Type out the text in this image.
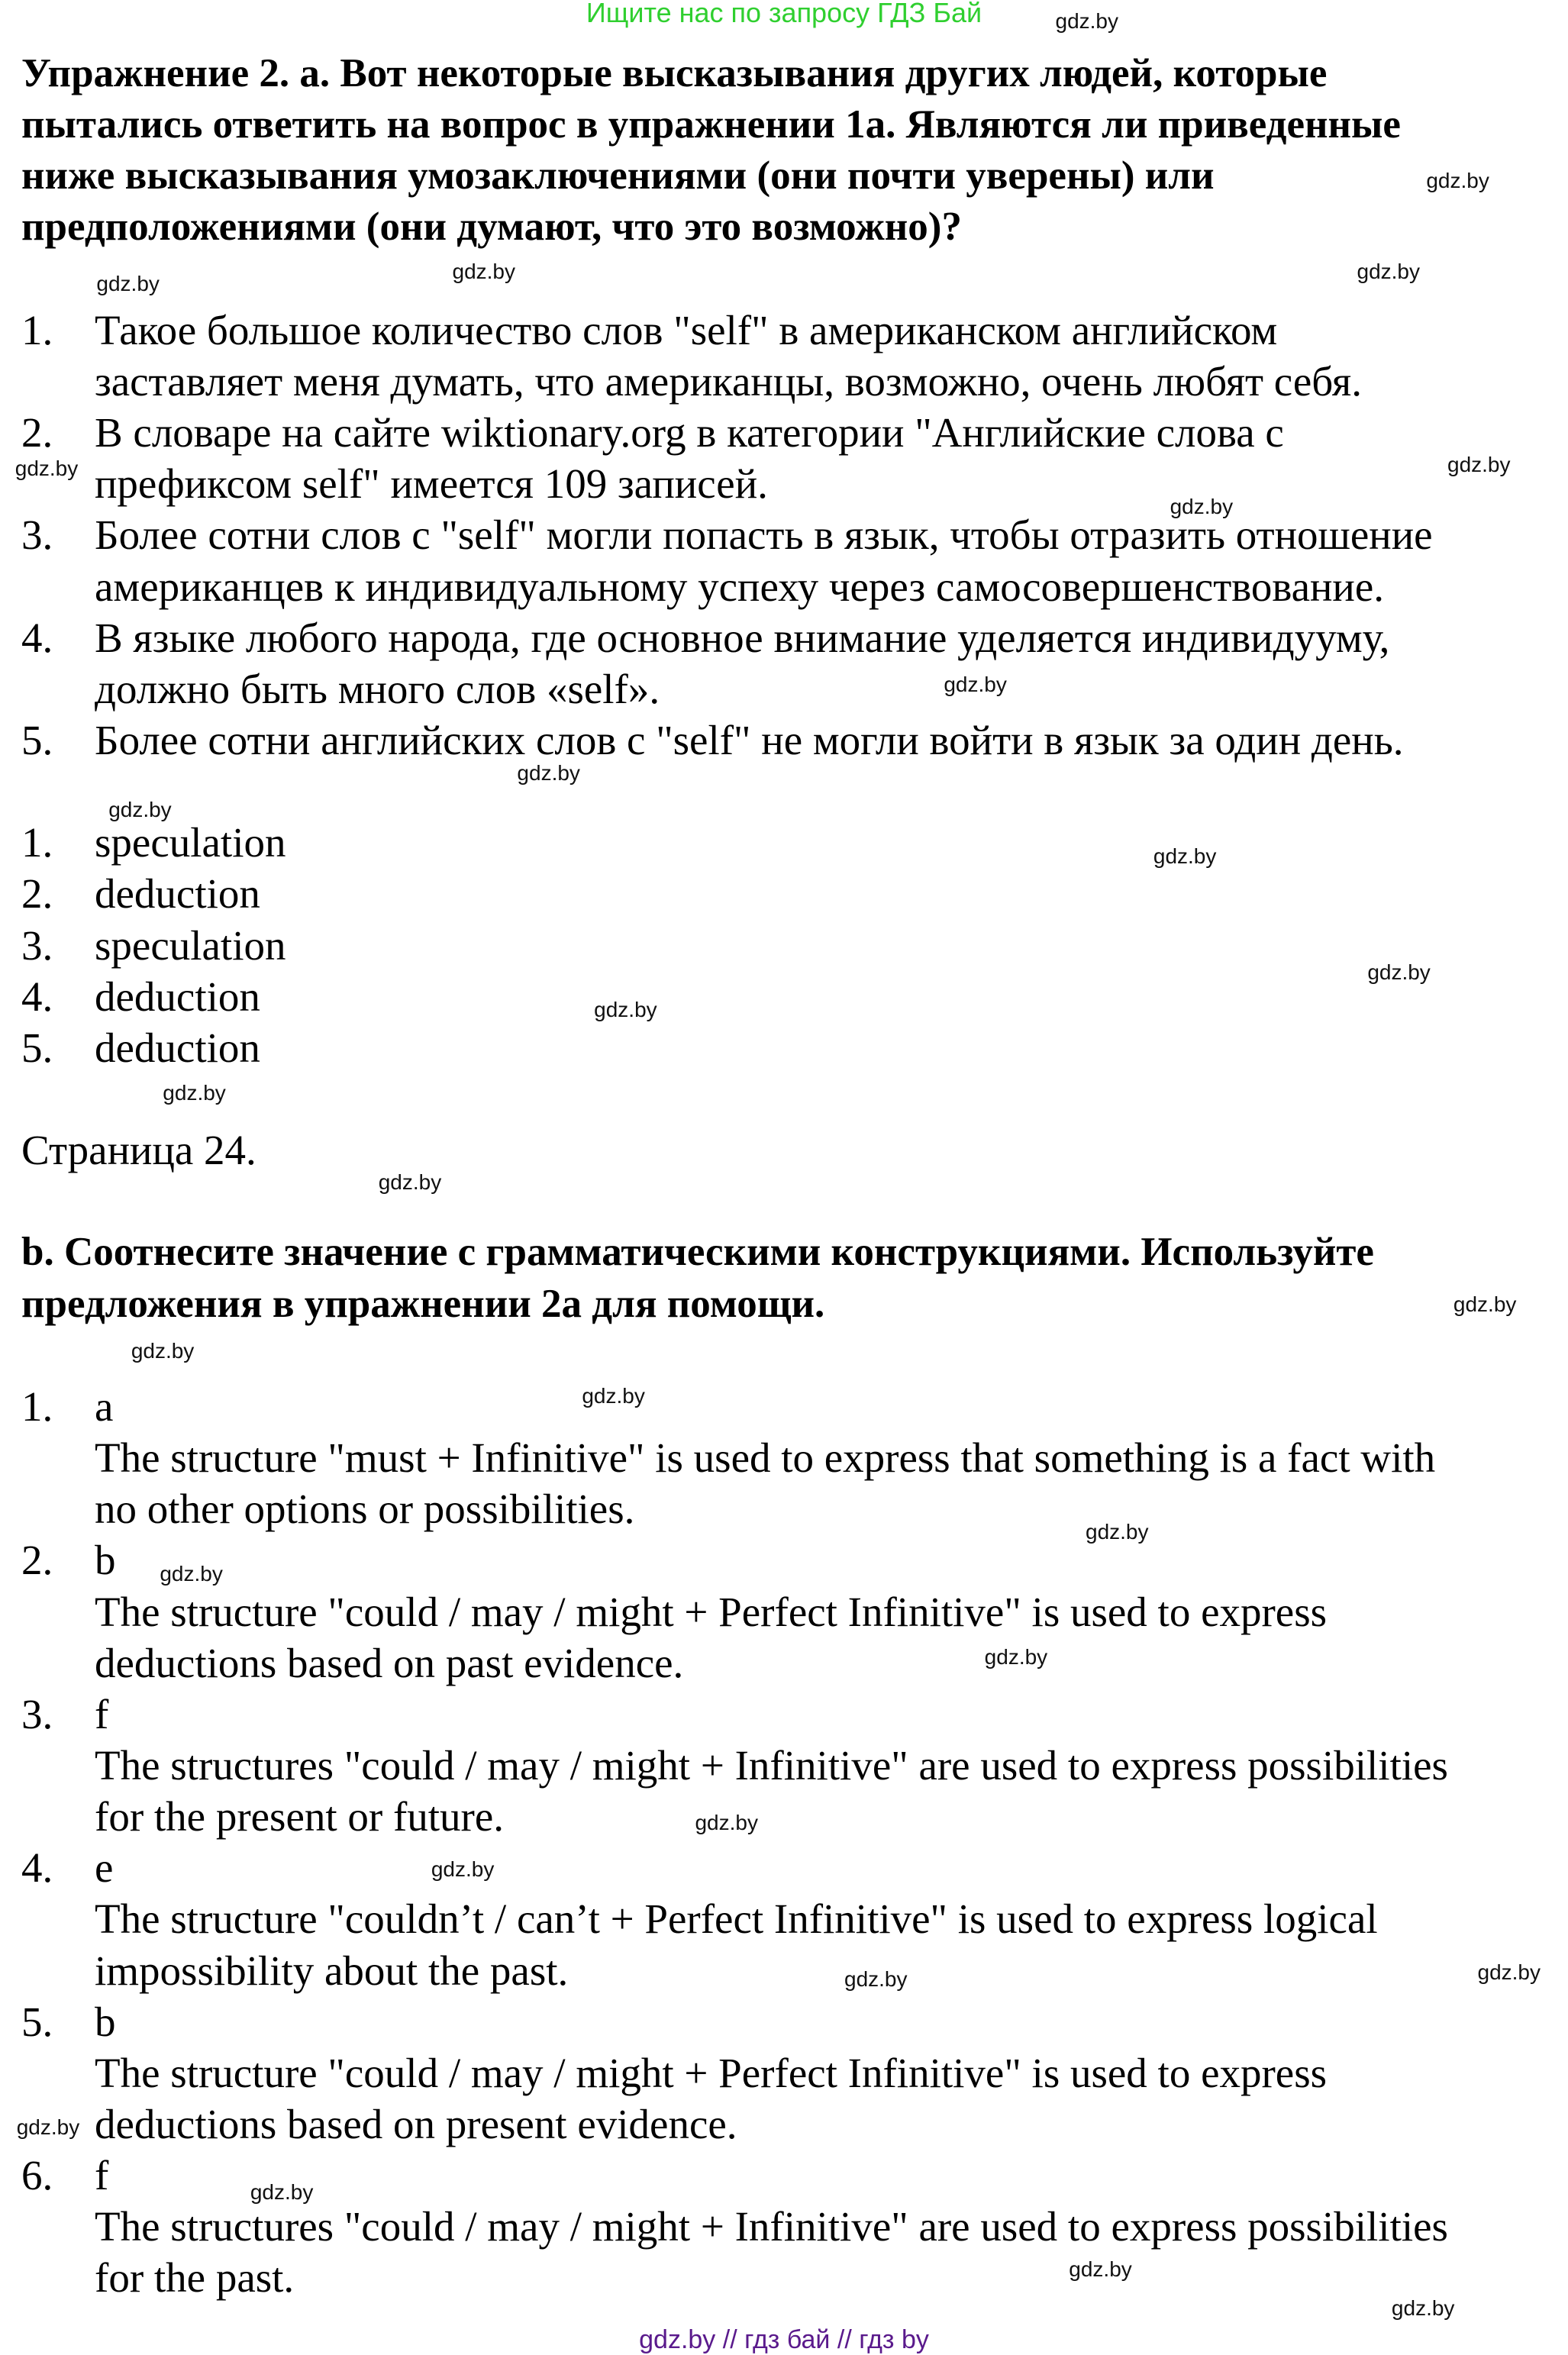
Ищите нас по запросу ГДЗ Бай
Упражнение 2. а. Вот некоторые высказывания других людей, которые
пытались ответить на вопрос в упражнении 1а. Являются ли приведенные
ниже высказывания умозаключениями (они почти уверены) или
предположениями (они думают, что это возможно)?
1. Такое большое количество слов "self" в американском английском
заставляет меня думать, что американцы, возможно, очень любят себя.
2. В словаре на сайте wiktionary.org в категории "Английские слова с
префиксом self" имеется 109 записей.
3. Более сотни слов с "self" могли попасть в язык, чтобы отразить отношение
американцев к индивидуальному успеху через самосовершенствование.
4. В языке любого народа, где основное внимание уделяется индивидууму,
должно быть много слов «self».
5. Более сотни английских слов с "self" не могли войти в язык за один день.
1. speculation
2. deduction
3. speculation
4. deduction
5. deduction
Страница 24.
b. Соотнесите значение с грамматическими конструкциями. Используйте
предложения в упражнении 2а для помощи.
1. a
The structure "must + Infinitive" is used to express that something is a fact with
no other options or possibilities.
2. b
The structure "could / may / might + Perfect Infinitive" is used to express
deductions based on past evidence.
3. f
The structures "could / may / might + Infinitive" are used to express possibilities
for the present or future.
4. e
The structure "couldn’t / can’t + Perfect Infinitive" is used to express logical
impossibility about the past.
5. b
The structure "could / may / might + Perfect Infinitive" is used to express
deductions based on present evidence.
6. f
The structures "could / may / might + Infinitive" are used to express possibilities
for the past.
gdz.by // гдз бай // гдз by
gdz.by
gdz.by
gdz.by
gdz.by
gdz.by
gdz.by
gdz.by
gdz.by
gdz.by
gdz.by
gdz.by
gdz.by
gdz.by
gdz.by
gdz.by
gdz.by
gdz.by
gdz.by
gdz.by
gdz.by
gdz.by
gdz.by
gdz.by
gdz.by
gdz.by
gdz.by
gdz.by
gdz.by
gdz.by
gdz.by
